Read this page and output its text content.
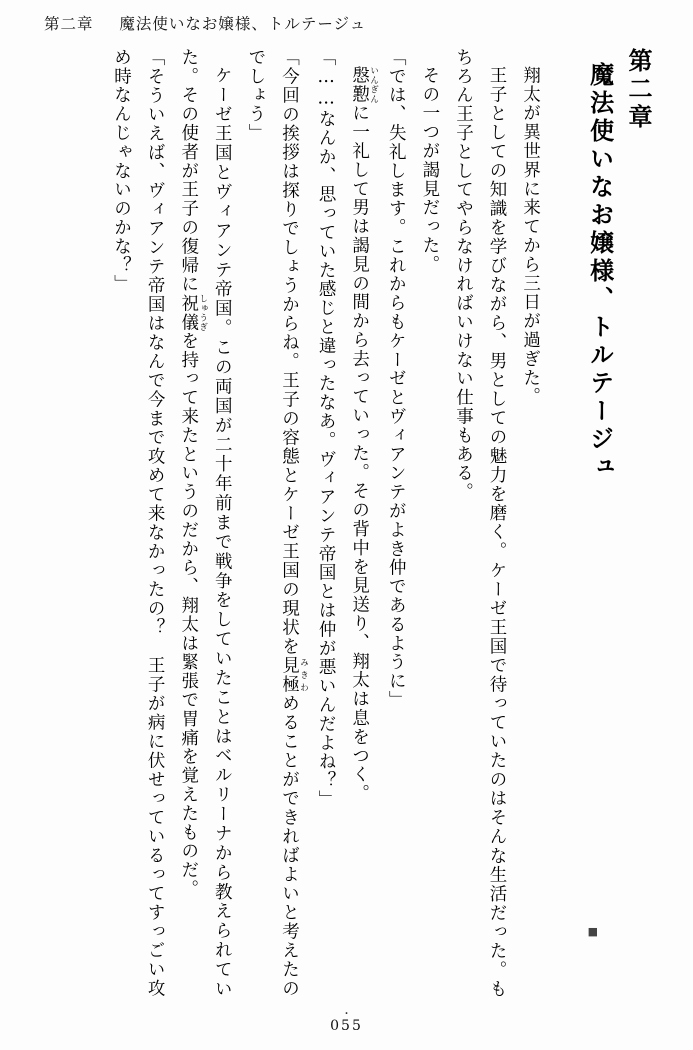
第二章 魔法使いなお嬢様、トルテージュ
第二章
魔法使いなお嬢様、トルテージュ

翔太が異世界に来てから三日が過ぎた。

王子としての知識を学びながら、男としての魅力を磨く。ケーゼ王国で待っていたのはそんな生活だった。もちろん王子としてやらなければいけない仕事もある。

その一つが謁見だった。

「では、失礼します。これからもケーゼとヴィアンテがよき仲であるように」

慇懃 いんぎんに一礼して男は謁見の間から去っていった。その背中を見送り、翔太は息をつく。

「……なんか、思っていた感じと違ったなあ。ヴィアンテ帝国とは仲が悪いんだよね？」

「今回の挨拶は探りでしょうからね。王子の容態とケーゼ王国の現状を見極 みきわめることができればよいと考えたのでしょう」

ケーゼ王国とヴィアンテ帝国。この両国が二十年前まで戦争をしていたことはベルリーナから教えられていた。その使者が王子の復帰に祝儀 しゅうぎを持って来たというのだから、翔太は緊張で胃痛を覚えたものだ。

「そういえば、ヴィアンテ帝国はなんで今まで攻めて来なかったの？　王子が病に伏せっているってすっごい攻め時なんじゃないのかな？」

■
055
・
